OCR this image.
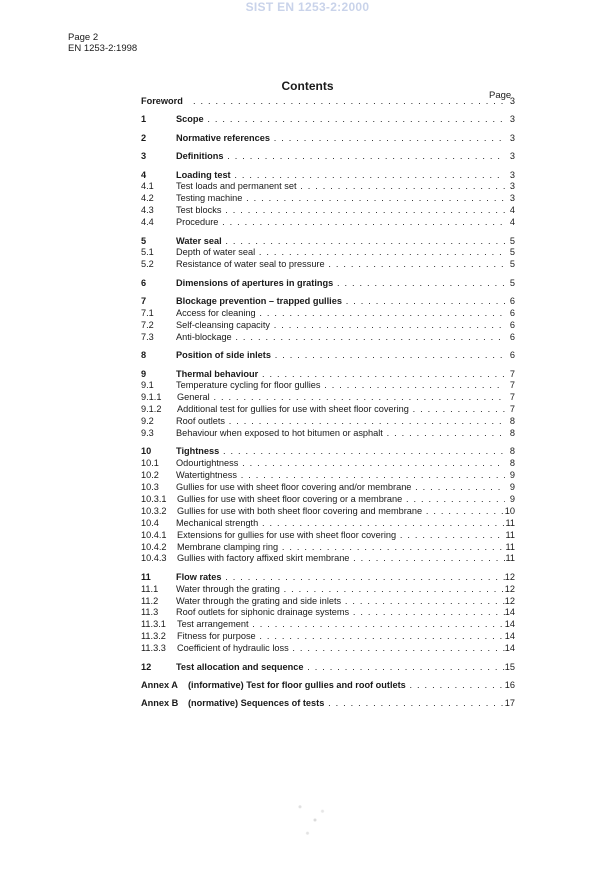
SIST EN 1253-2:2000
Page 2
EN 1253-2:1998
Contents
Page
Foreword . . .	3
1	Scope . . .	3
2	Normative references . . .	3
3	Definitions . . .	3
4	Loading test . . .	3
4.1 Test loads and permanent set . . .	3
4.2 Testing machine . . .	3
4.3 Test blocks . . .	4
4.4 Procedure . . .	4
5	Water seal . . .	5
5.1 Depth of water seal . . .	5
5.2 Resistance of water seal to pressure . . .	5
6	Dimensions of apertures in gratings . . .	5
7	Blockage prevention – trapped gullies . . .	6
7.1 Access for cleaning . . .	6
7.2 Self-cleansing capacity . . .	6
7.3 Anti-blockage . . .	6
8	Position of side inlets . . .	6
9	Thermal behaviour . . .	7
9.1 Temperature cycling for floor gullies . . .	7
9.1.1 General . . .	7
9.1.2 Additional test for gullies for use with sheet floor covering . . .	7
9.2 Roof outlets . . .	8
9.3 Behaviour when exposed to hot bitumen or asphalt . . .	8
10	Tightness . . .	8
10.1 Odourtightness . . .	8
10.2 Watertightness . . .	9
10.3 Gullies for use with sheet floor covering and/or membrane . . .	9
10.3.1 Gullies for use with sheet floor covering or a membrane . . .	9
10.3.2 Gullies for use with both sheet floor covering and membrane . . .	10
10.4 Mechanical strength . . .	11
10.4.1 Extensions for gullies for use with sheet floor covering . . .	11
10.4.2 Membrane clamping ring . . .	11
10.4.3 Gullies with factory affixed skirt membrane . . .	11
11	Flow rates . . .	12
11.1 Water through the grating . . .	12
11.2 Water through the grating and side inlets . . .	12
11.3 Roof outlets for siphonic drainage systems . . .	14
11.3.1 Test arrangement . . .	14
11.3.2 Fitness for purpose . . .	14
11.3.3 Coefficient of hydraulic loss . . .	14
12	Test allocation and sequence . . .	15
Annex A (informative) Test for floor gullies and roof outlets . . .	16
Annex B (normative) Sequences of tests . . .	17
